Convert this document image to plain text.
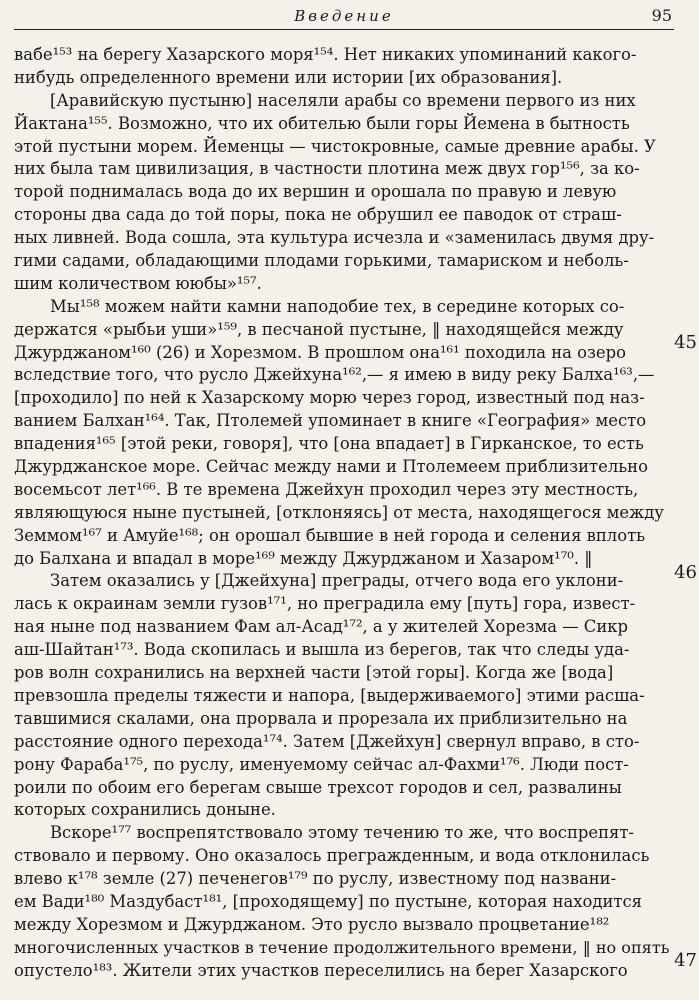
Введение	95
45
46
47
вабе¹⁵³ на берегу Хазарского моря¹⁵⁴. Нет никаких упоминаний какого-
нибудь определенного времени или истории [их образования].
[Аравийскую пустыню] населяли арабы со времени первого из них
Йактана¹⁵⁵. Возможно, что их обителью были горы Йемена в бытность
этой пустыни морем. Йеменцы — чистокровные, самые древние арабы. У
них была там цивилизация, в частности плотина меж двух гор¹⁵⁶, за ко-
торой поднималась вода до их вершин и орошала по правую и левую
стороны два сада до той поры, пока не обрушил ее паводок от страш-
ных ливней. Вода сошла, эта культура исчезла и «заменилась двумя дру-
гими садами, обладающими плодами горькими, тамариском и неболь-
шим количеством ююбы»¹⁵⁷.
Мы¹⁵⁸ можем найти камни наподобие тех, в середине которых со-
держатся «рыбьи уши»¹⁵⁹, в песчаной пустыне, ‖ находящейся между
Джурджаном¹⁶⁰ (26) и Хорезмом. В прошлом она¹⁶¹ походила на озеро
вследствие того, что русло Джейхуна¹⁶²,— я имею в виду реку Балха¹⁶³,—
[проходило] по ней к Хазарскому морю через город, известный под наз-
ванием Балхан¹⁶⁴. Так, Птолемей упоминает в книге «География» место
впадения¹⁶⁵ [этой реки, говоря], что [она впадает] в Гирканское, то есть
Джурджанское море. Сейчас между нами и Птолемеем приблизительно
восемьсот лет¹⁶⁶. В те времена Джейхун проходил через эту местность,
являющуюся ныне пустыней, [отклоняясь] от места, находящегося между
Земмом¹⁶⁷ и Амуйе¹⁶⁸; он орошал бывшие в ней города и селения вплоть
до Балхана и впадал в море¹⁶⁹ между Джурджаном и Хазаром¹⁷⁰. ‖
Затем оказались у [Джейхуна] преграды, отчего вода его уклони-
лась к окраинам земли гузов¹⁷¹, но преградила ему [путь] гора, извест-
ная ныне под названием Фам ал-Асад¹⁷², а у жителей Хорезма — Сикр
аш-Шайтан¹⁷³. Вода скопилась и вышла из берегов, так что следы уда-
ров волн сохранились на верхней части [этой горы]. Когда же [вода]
превзошла пределы тяжести и напора, [выдерживаемого] этими расша-
тавшимися скалами, она прорвала и прорезала их приблизительно на
расстояние одного перехода¹⁷⁴. Затем [Джейхун] свернул вправо, в сто-
рону Фараба¹⁷⁵, по руслу, именуемому сейчас ал-Фахми¹⁷⁶. Люди пост-
роили по обоим его берегам свыше трехсот городов и сел, развалины
которых сохранились доныне.
Вскоре¹⁷⁷ воспрепятствовало этому течению то же, что воспрепят-
ствовало и первому. Оно оказалось прегражденным, и вода отклонилась
влево к¹⁷⁸ земле (27) печенегов¹⁷⁹ по руслу, известному под названи-
ем Вади¹⁸⁰ Маздубаст¹⁸¹, [проходящему] по пустыне, которая находится
между Хорезмом и Джурджаном. Это русло вызвало процветание¹⁸²
многочисленных участков в течение продолжительного времени, ‖ но опять
опустело¹⁸³. Жители этих участков переселились на берег Хазарского
